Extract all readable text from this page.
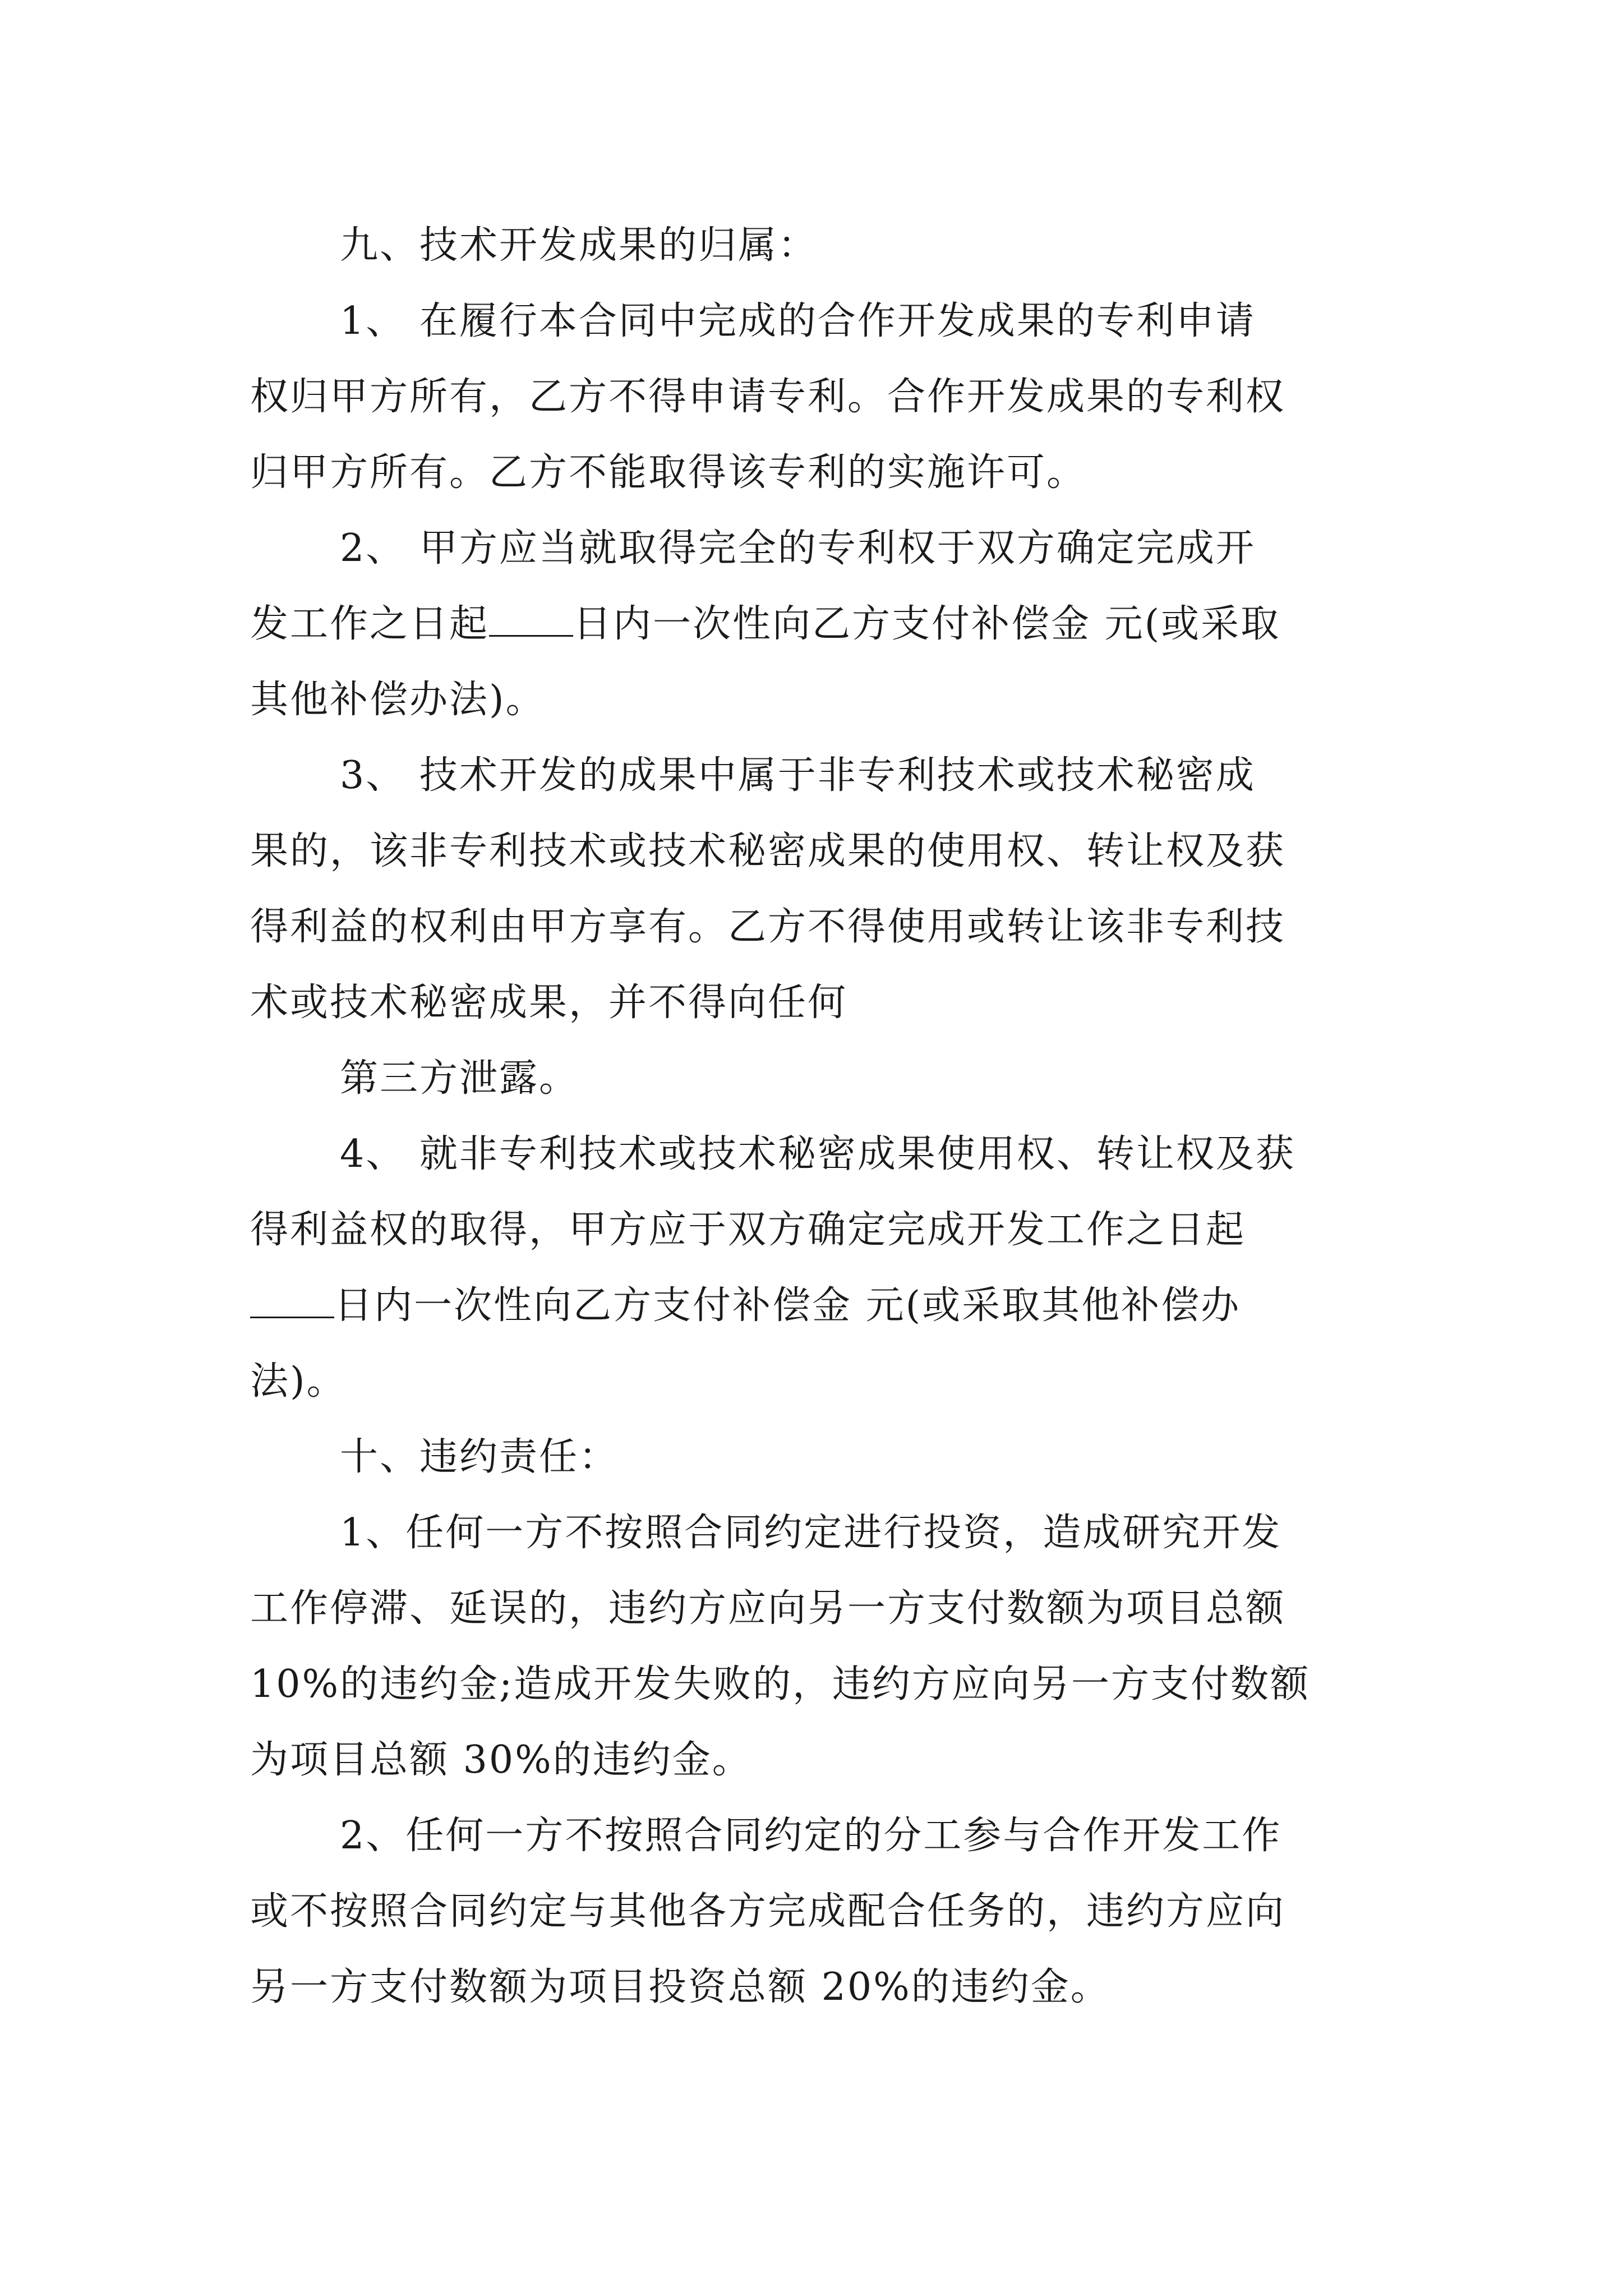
九、技术开发成果的归属：
1、 在履行本合同中完成的合作开发成果的专利申请
权归甲方所有，乙方不得申请专利。合作开发成果的专利权
归甲方所有。乙方不能取得该专利的实施许可。
2、 甲方应当就取得完全的专利权于双方确定完成开
发工作之日起 日内一次性向乙方支付补偿金 元(或采取
其他补偿办法)。
3、 技术开发的成果中属于非专利技术或技术秘密成
果的，该非专利技术或技术秘密成果的使用权、转让权及获
得利益的权利由甲方享有。乙方不得使用或转让该非专利技
术或技术秘密成果，并不得向任何
第三方泄露。
4、 就非专利技术或技术秘密成果使用权、转让权及获
得利益权的取得，甲方应于双方确定完成开发工作之日起
日内一次性向乙方支付补偿金 元(或采取其他补偿办
法)。
十、违约责任：
1、任何一方不按照合同约定进行投资，造成研究开发
工作停滞、延误的，违约方应向另一方支付数额为项目总额
10%的违约金;造成开发失败的，违约方应向另一方支付数额
为项目总额 30%的违约金。
2、任何一方不按照合同约定的分工参与合作开发工作
或不按照合同约定与其他各方完成配合任务的，违约方应向
另一方支付数额为项目投资总额 20%的违约金。
